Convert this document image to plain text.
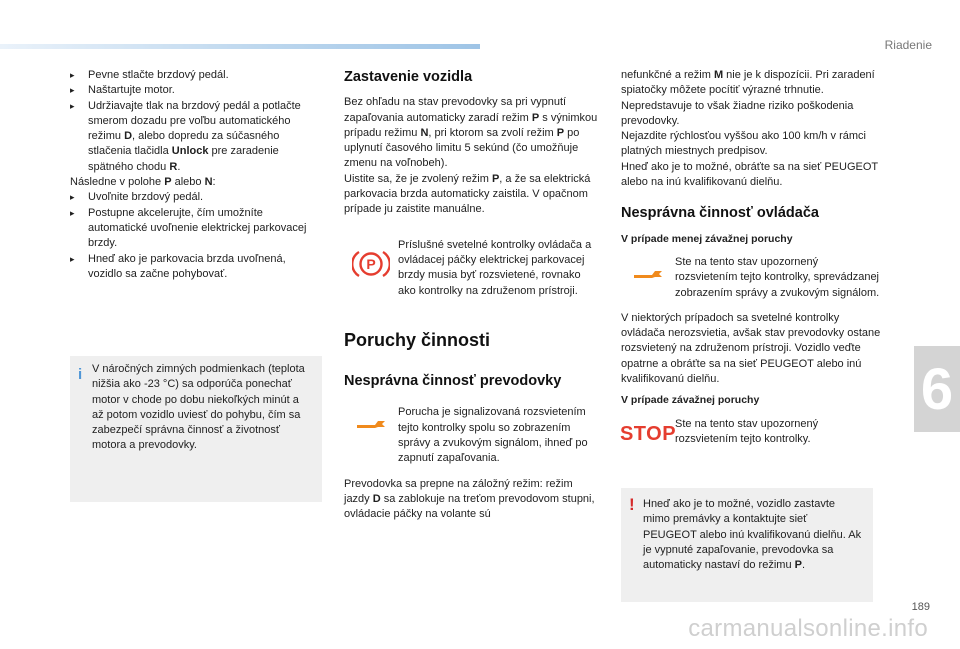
Riadenie
6
189
▸ Pevne stlačte brzdový pedál.
▸ Naštartujte motor.
▸ Udržiavajte tlak na brzdový pedál a potlačte smerom dozadu pre voľbu automatického režimu D, alebo dopredu za súčasného stlačenia tlačidla Unlock pre zaradenie spätného chodu R.
Následne v polohe P alebo N:
▸ Uvoľnite brzdový pedál.
▸ Postupne akcelerujte, čím umožníte automatické uvoľnenie elektrickej parkovacej brzdy.
▸ Hneď ako je parkovacia brzda uvoľnená, vozidlo sa začne pohybovať.
i V náročných zimných podmienkach (teplota nižšia ako -23 °C) sa odporúča ponechať motor v chode po dobu niekoľkých minút a až potom vozidlo uviesť do pohybu, čím sa zabezpečí správna činnosť a životnosť motora a prevodovky.
Zastavenie vozidla
Bez ohľadu na stav prevodovky sa pri vypnutí zapaľovania automaticky zaradí režim P s výnimkou prípadu režimu N, pri ktorom sa zvolí režim P po uplynutí časového limitu 5 sekúnd (čo umožňuje zmenu na voľnobeh).
Uistite sa, že je zvolený režim P, a že sa elektrická parkovacia brzda automaticky zaistila. V opačnom prípade ju zaistite manuálne.
P
Príslušné svetelné kontrolky ovládača a ovládacej páčky elektrickej parkovacej brzdy musia byť rozsvietené, rovnako ako kontrolky na združenom prístroji.
Poruchy činnosti
Nesprávna činnosť prevodovky
Porucha je signalizovaná rozsvietením tejto kontrolky spolu so zobrazením správy a zvukovým signálom, ihneď po zapnutí zapaľovania.
Prevodovka sa prepne na záložný režim: režim jazdy D sa zablokuje na treťom prevodovom stupni, ovládacie páčky na volante sú
nefunkčné a režim M nie je k dispozícii. Pri zaradení spiatočky môžete pocítiť výrazné trhnutie. Nepredstavuje to však žiadne riziko poškodenia prevodovky.
Nejazdite rýchlosťou vyššou ako 100 km/h v rámci platných miestnych predpisov.
Hneď ako je to možné, obráťte sa na sieť PEUGEOT alebo na inú kvalifikovanú dielňu.
Nesprávna činnosť ovládača
V prípade menej závažnej poruchy
Ste na tento stav upozornený rozsvietením tejto kontrolky, sprevádzanej zobrazením správy a zvukovým signálom.
V niektorých prípadoch sa svetelné kontrolky ovládača nerozsvietia, avšak stav prevodovky ostane rozsvietený na združenom prístroji. Vozidlo veďte opatrne a obráťte sa na sieť PEUGEOT alebo inú kvalifikovanú dielňu.
V prípade závažnej poruchy
STOP
Ste na tento stav upozornený rozsvietením tejto kontrolky.
! Hneď ako je to možné, vozidlo zastavte mimo premávky a kontaktujte sieť PEUGEOT alebo inú kvalifikovanú dielňu. Ak je vypnuté zapaľovanie, prevodovka sa automaticky nastaví do režimu P.
carmanualsonline.info
